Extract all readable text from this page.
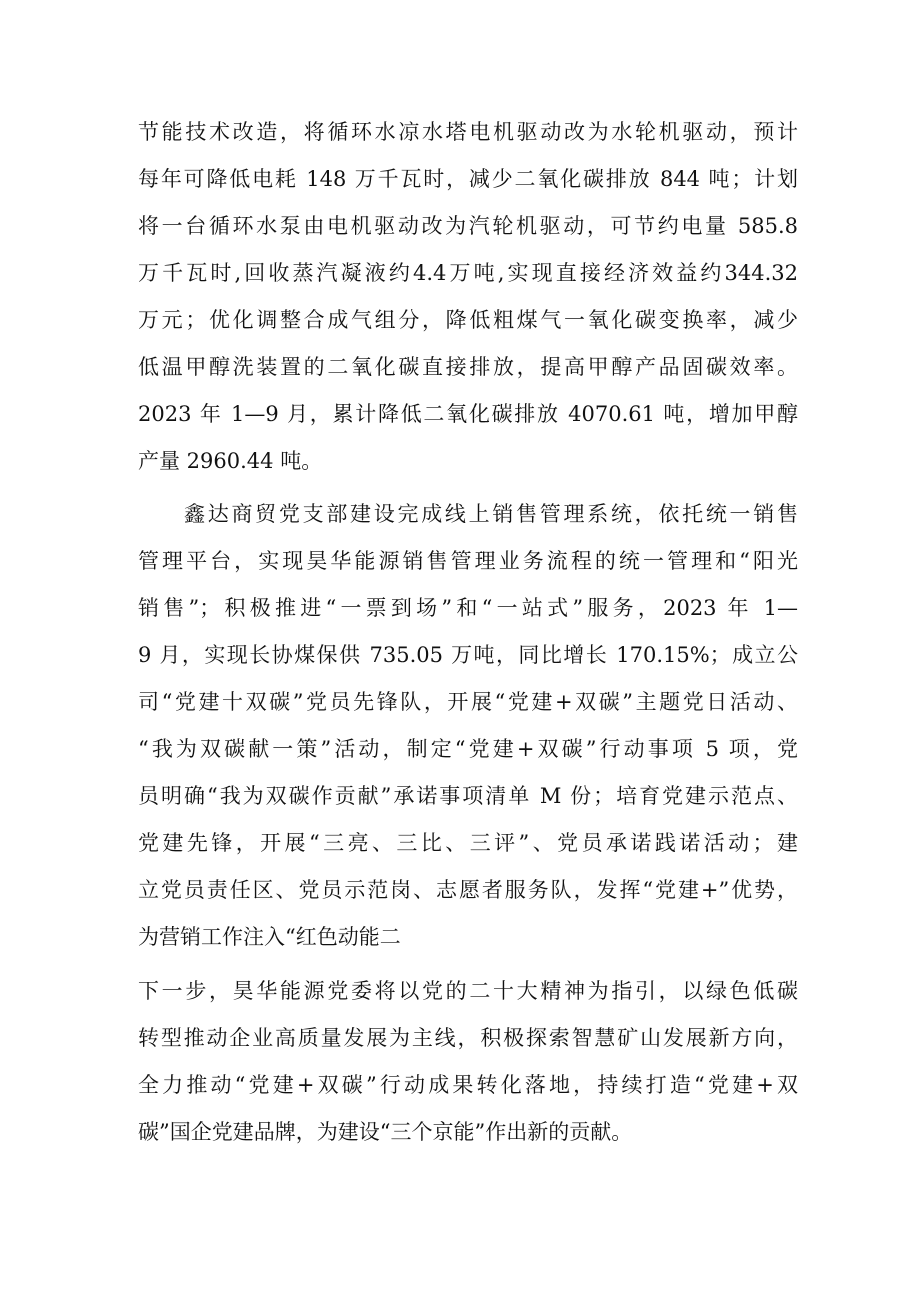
节能技术改造，将循环水凉水塔电机驱动改为水轮机驱动，预计
每年可降低电耗 148 万千瓦时，减少二氧化碳排放 844 吨；计划
将一台循环水泵由电机驱动改为汽轮机驱动，可节约电量 585.8
万千瓦时,回收蒸汽凝液约4.4万吨,实现直接经济效益约344.32
万元；优化调整合成气组分，降低粗煤气一氧化碳变换率，减少
低温甲醇洗装置的二氧化碳直接排放，提高甲醇产品固碳效率。
2023 年 1—9 月，累计降低二氧化碳排放 4070.61 吨，增加甲醇
产量 2960.44 吨。
鑫达商贸党支部建设完成线上销售管理系统，依托统一销售
管理平台，实现昊华能源销售管理业务流程的统一管理和“阳光
销售”；积极推进“一票到场”和“一站式”服务，2023 年 1—
9 月，实现长协煤保供 735.05 万吨，同比增长 170.15%；成立公
司“党建十双碳”党员先锋队，开展“党建+双碳”主题党日活动、
“我为双碳献一策”活动，制定“党建+双碳”行动事项 5 项，党
员明确“我为双碳作贡献”承诺事项清单 M 份；培育党建示范点、
党建先锋，开展“三亮、三比、三评”、党员承诺践诺活动；建
立党员责任区、党员示范岗、志愿者服务队，发挥“党建+”优势，
为营销工作注入“红色动能二
下一步，昊华能源党委将以党的二十大精神为指引，以绿色低碳
转型推动企业高质量发展为主线，积极探索智慧矿山发展新方向，
全力推动“党建+双碳”行动成果转化落地，持续打造“党建+双
碳”国企党建品牌，为建设“三个京能”作出新的贡献。
